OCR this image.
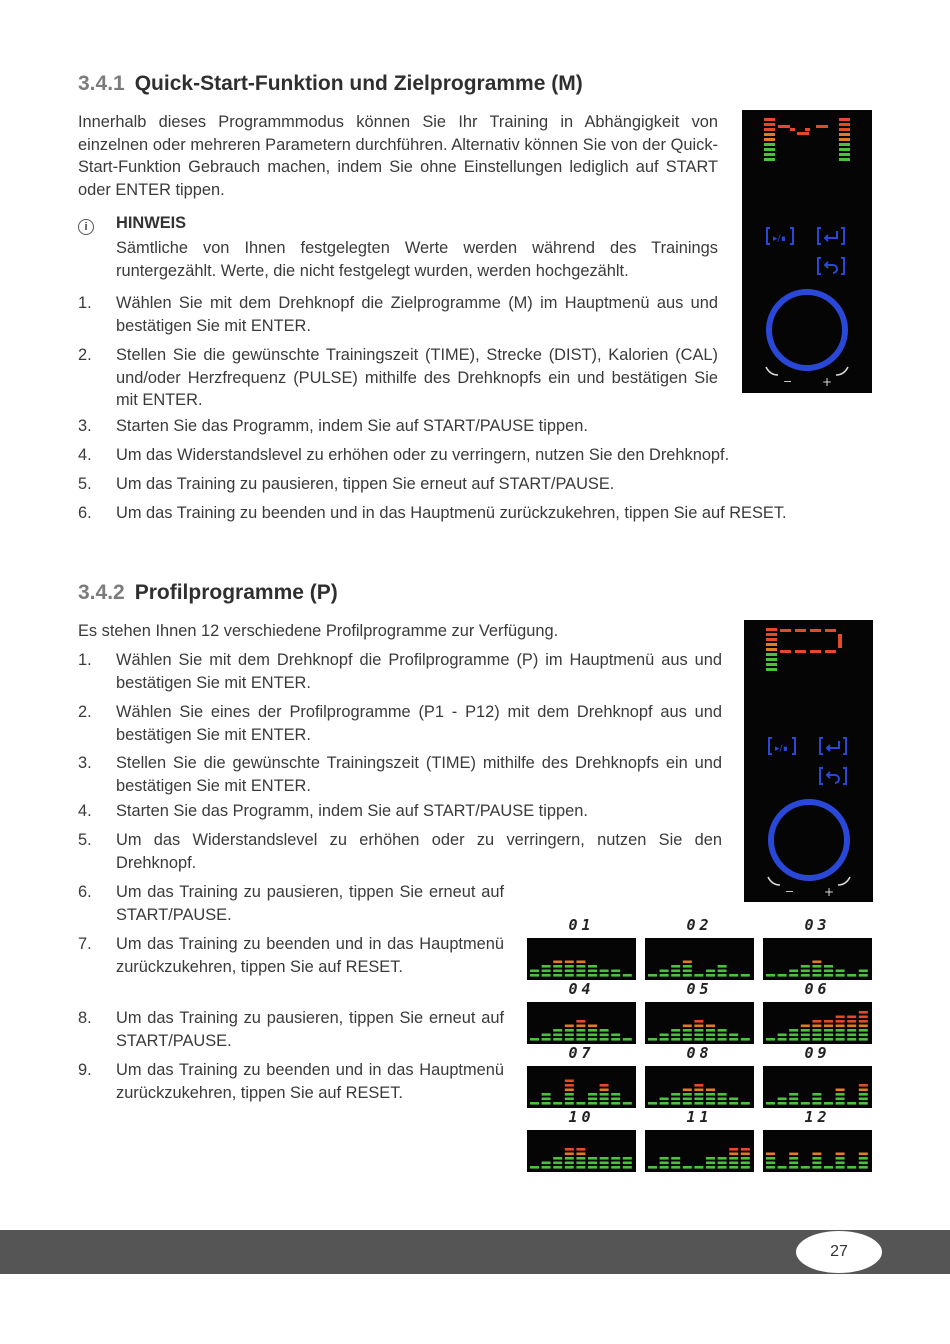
3.4.1 Quick-Start-Funktion und Zielprogramme (M)

Innerhalb dieses Programmmodus können Sie Ihr Training in Abhängigkeit von einzelnen oder mehreren Parametern durchführen. Alternativ können Sie von der Quick-Start-Funktion Gebrauch machen, indem Sie ohne Einstellungen lediglich auf START oder ENTER tippen.

i	HINWEIS

Sämtliche von Ihnen festgelegten Werte werden während des Trainings runtergezählt. Werte, die nicht festgelegt wurden, werden hochgezählt.

1. Wählen Sie mit dem Drehknopf die Zielprogramme (M) im Hauptmenü aus und bestätigen Sie mit ENTER.
2. Stellen Sie die gewünschte Trainingszeit (TIME), Strecke (DIST), Kalorien (CAL) und/oder Herzfrequenz (PULSE) mithilfe des Drehknopfs ein und bestätigen Sie mit ENTER.
3. Starten Sie das Programm, indem Sie auf START/PAUSE tippen.
4. Um das Widerstandslevel zu erhöhen oder zu verringern, nutzen Sie den Drehknopf.
5. Um das Training zu pausieren, tippen Sie erneut auf START/PAUSE.
6. Um das Training zu beenden und in das Hauptmenü zurückzukehren, tippen Sie auf RESET.
▸/∎
− +
3.4.2 Profilprogramme (P)

Es stehen Ihnen 12 verschiedene Profilprogramme zur Verfügung.

1. Wählen Sie mit dem Drehknopf die Profilprogramme (P) im Hauptmenü aus und bestätigen Sie mit ENTER.
2. Wählen Sie eines der Profilprogramme (P1 - P12) mit dem Drehknopf aus und bestätigen Sie mit ENTER.
3. Stellen Sie die gewünschte Trainingszeit (TIME) mithilfe des Drehknopfs ein und bestätigen Sie mit ENTER.
4. Starten Sie das Programm, indem Sie auf START/PAUSE tippen.
5. Um das Widerstandslevel zu erhöhen oder zu verringern, nutzen Sie den Drehknopf.
6. Um das Training zu pausieren, tippen Sie erneut auf START/PAUSE.
7. Um das Training zu beenden und in das Hauptmenü zurückzukehren, tippen Sie auf RESET.
8. Um das Training zu pausieren, tippen Sie erneut auf START/PAUSE.
9. Um das Training zu beenden und in das Hauptmenü zurückzukehren, tippen Sie auf RESET.
▸/∎
− +
01	02	03
04	05	06
07	08	09
10	11	12
27
